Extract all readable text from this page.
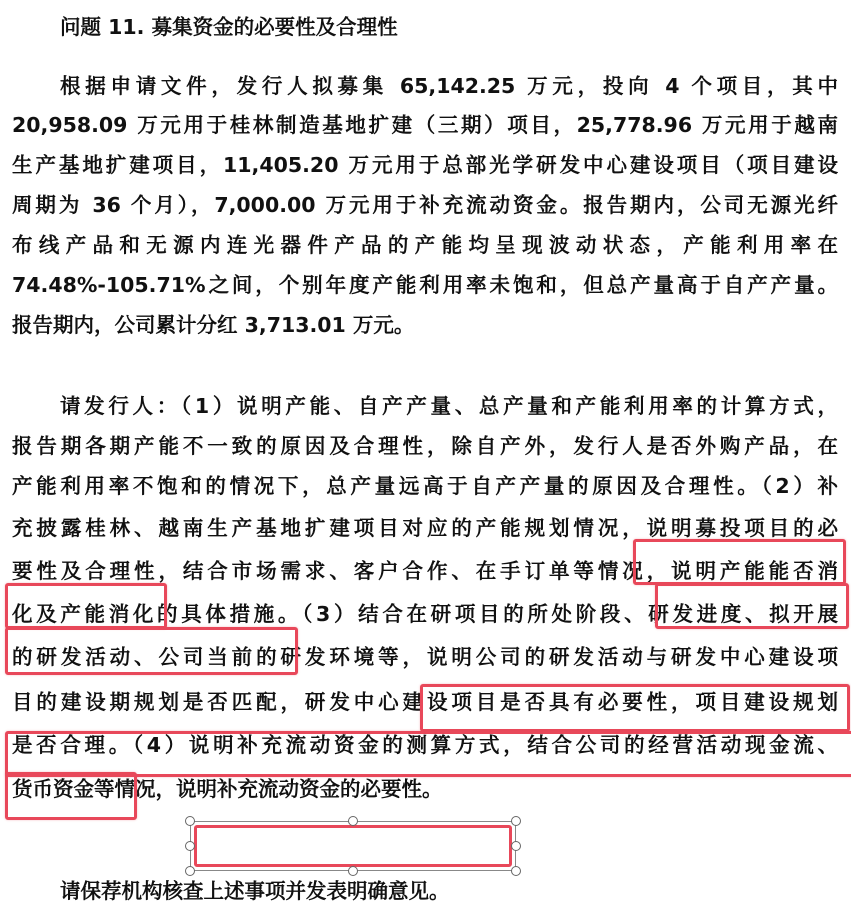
问题 11. 募集资金的必要性及合理性
根据申请文件，发行人拟募集 65,142.25 万元，投向 4 个项目，其中
20,958.09 万元用于桂林制造基地扩建（三期）项目，25,778.96 万元用于越南
生产基地扩建项目，11,405.20 万元用于总部光学研发中心建设项目（项目建设
周期为 36 个月），7,000.00 万元用于补充流动资金。报告期内，公司无源光纤
布线产品和无源内连光器件产品的产能均呈现波动状态，产能利用率在
74.48%-105.71%之间，个别年度产能利用率未饱和，但总产量高于自产产量。
报告期内，公司累计分红 3,713.01 万元。
请发行人：（1）说明产能、自产产量、总产量和产能利用率的计算方式，
报告期各期产能不一致的原因及合理性，除自产外，发行人是否外购产品，在
产能利用率不饱和的情况下，总产量远高于自产产量的原因及合理性。（2）补
充披露桂林、越南生产基地扩建项目对应的产能规划情况，说明募投项目的必
要性及合理性，结合市场需求、客户合作、在手订单等情况，说明产能能否消
化及产能消化的具体措施。（3）结合在研项目的所处阶段、研发进度、拟开展
的研发活动、公司当前的研发环境等，说明公司的研发活动与研发中心建设项
目的建设期规划是否匹配，研发中心建设项目是否具有必要性，项目建设规划
是否合理。（4）说明补充流动资金的测算方式，结合公司的经营活动现金流、
货币资金等情况，说明补充流动资金的必要性。
请保荐机构核查上述事项并发表明确意见。
